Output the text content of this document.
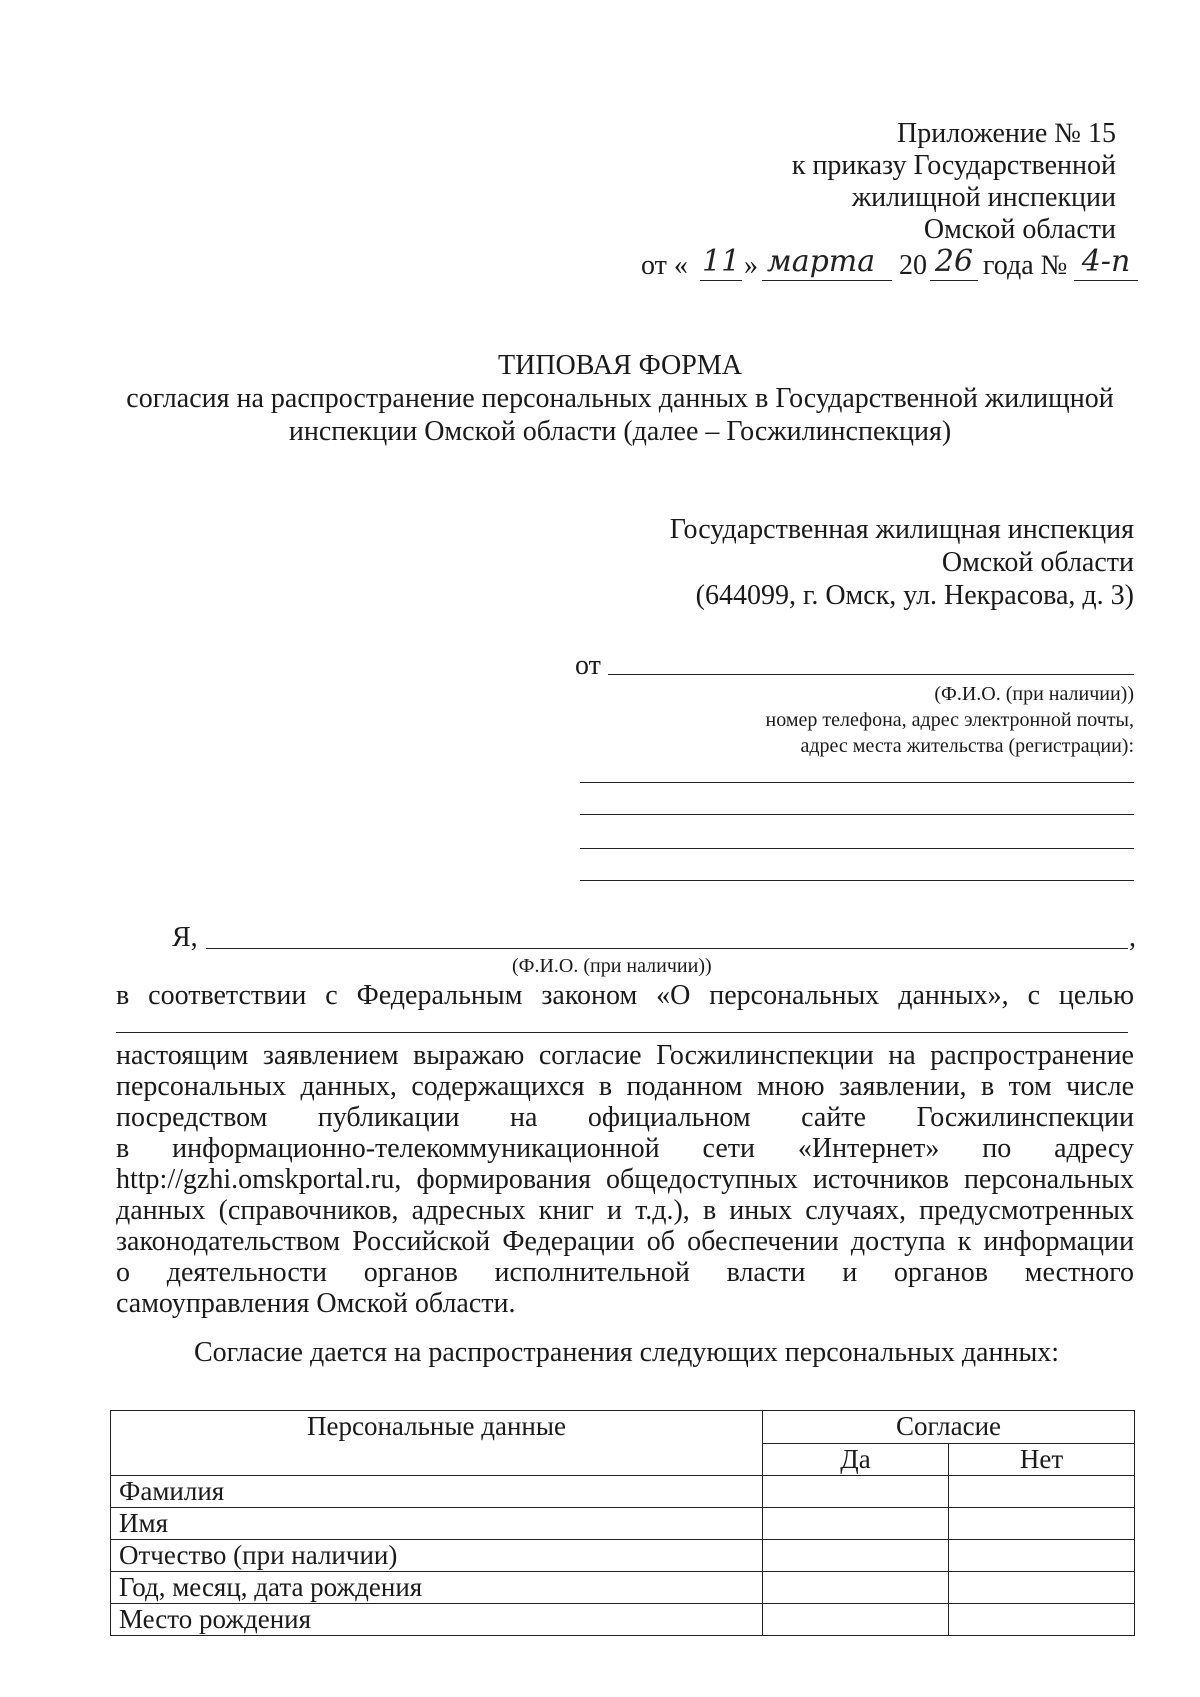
Приложение № 15
к приказу Государственной
жилищной инспекции
Омской области
от « 11 » марта 20 26 года № 4-п
ТИПОВАЯ ФОРМА
согласия на распространение персональных данных в Государственной жилищной
инспекции Омской области (далее – Госжилинспекция)
Государственная жилищная инспекция
Омской области
(644099, г. Омск, ул. Некрасова, д. 3)
от
(Ф.И.О. (при наличии))
номер телефона, адрес электронной почты,
адрес места жительства (регистрации):
Я,	,
(Ф.И.О. (при наличии))
в соответствии с Федеральным законом «О персональных данных», с целью
настоящим заявлением выражаю согласие Госжилинспекции на распространение
персональных данных, содержащихся в поданном мною заявлении, в том числе
посредством публикации на официальном сайте Госжилинспекции
в информационно-телекоммуникационной сети «Интернет» по адресу
http://gzhi.omskportal.ru, формирования общедоступных источников персональных
данных (справочников, адресных книг и т.д.), в иных случаях, предусмотренных
законодательством Российской Федерации об обеспечении доступа к информации
о деятельности органов исполнительной власти и органов местного
самоуправления Омской области.
Согласие дается на распространения следующих персональных данных:
Персональные данные	Согласие	
	Да	Нет
Фамилия		
Имя		
Отчество (при наличии)		
Год, месяц, дата рождения		
Место рождения		
